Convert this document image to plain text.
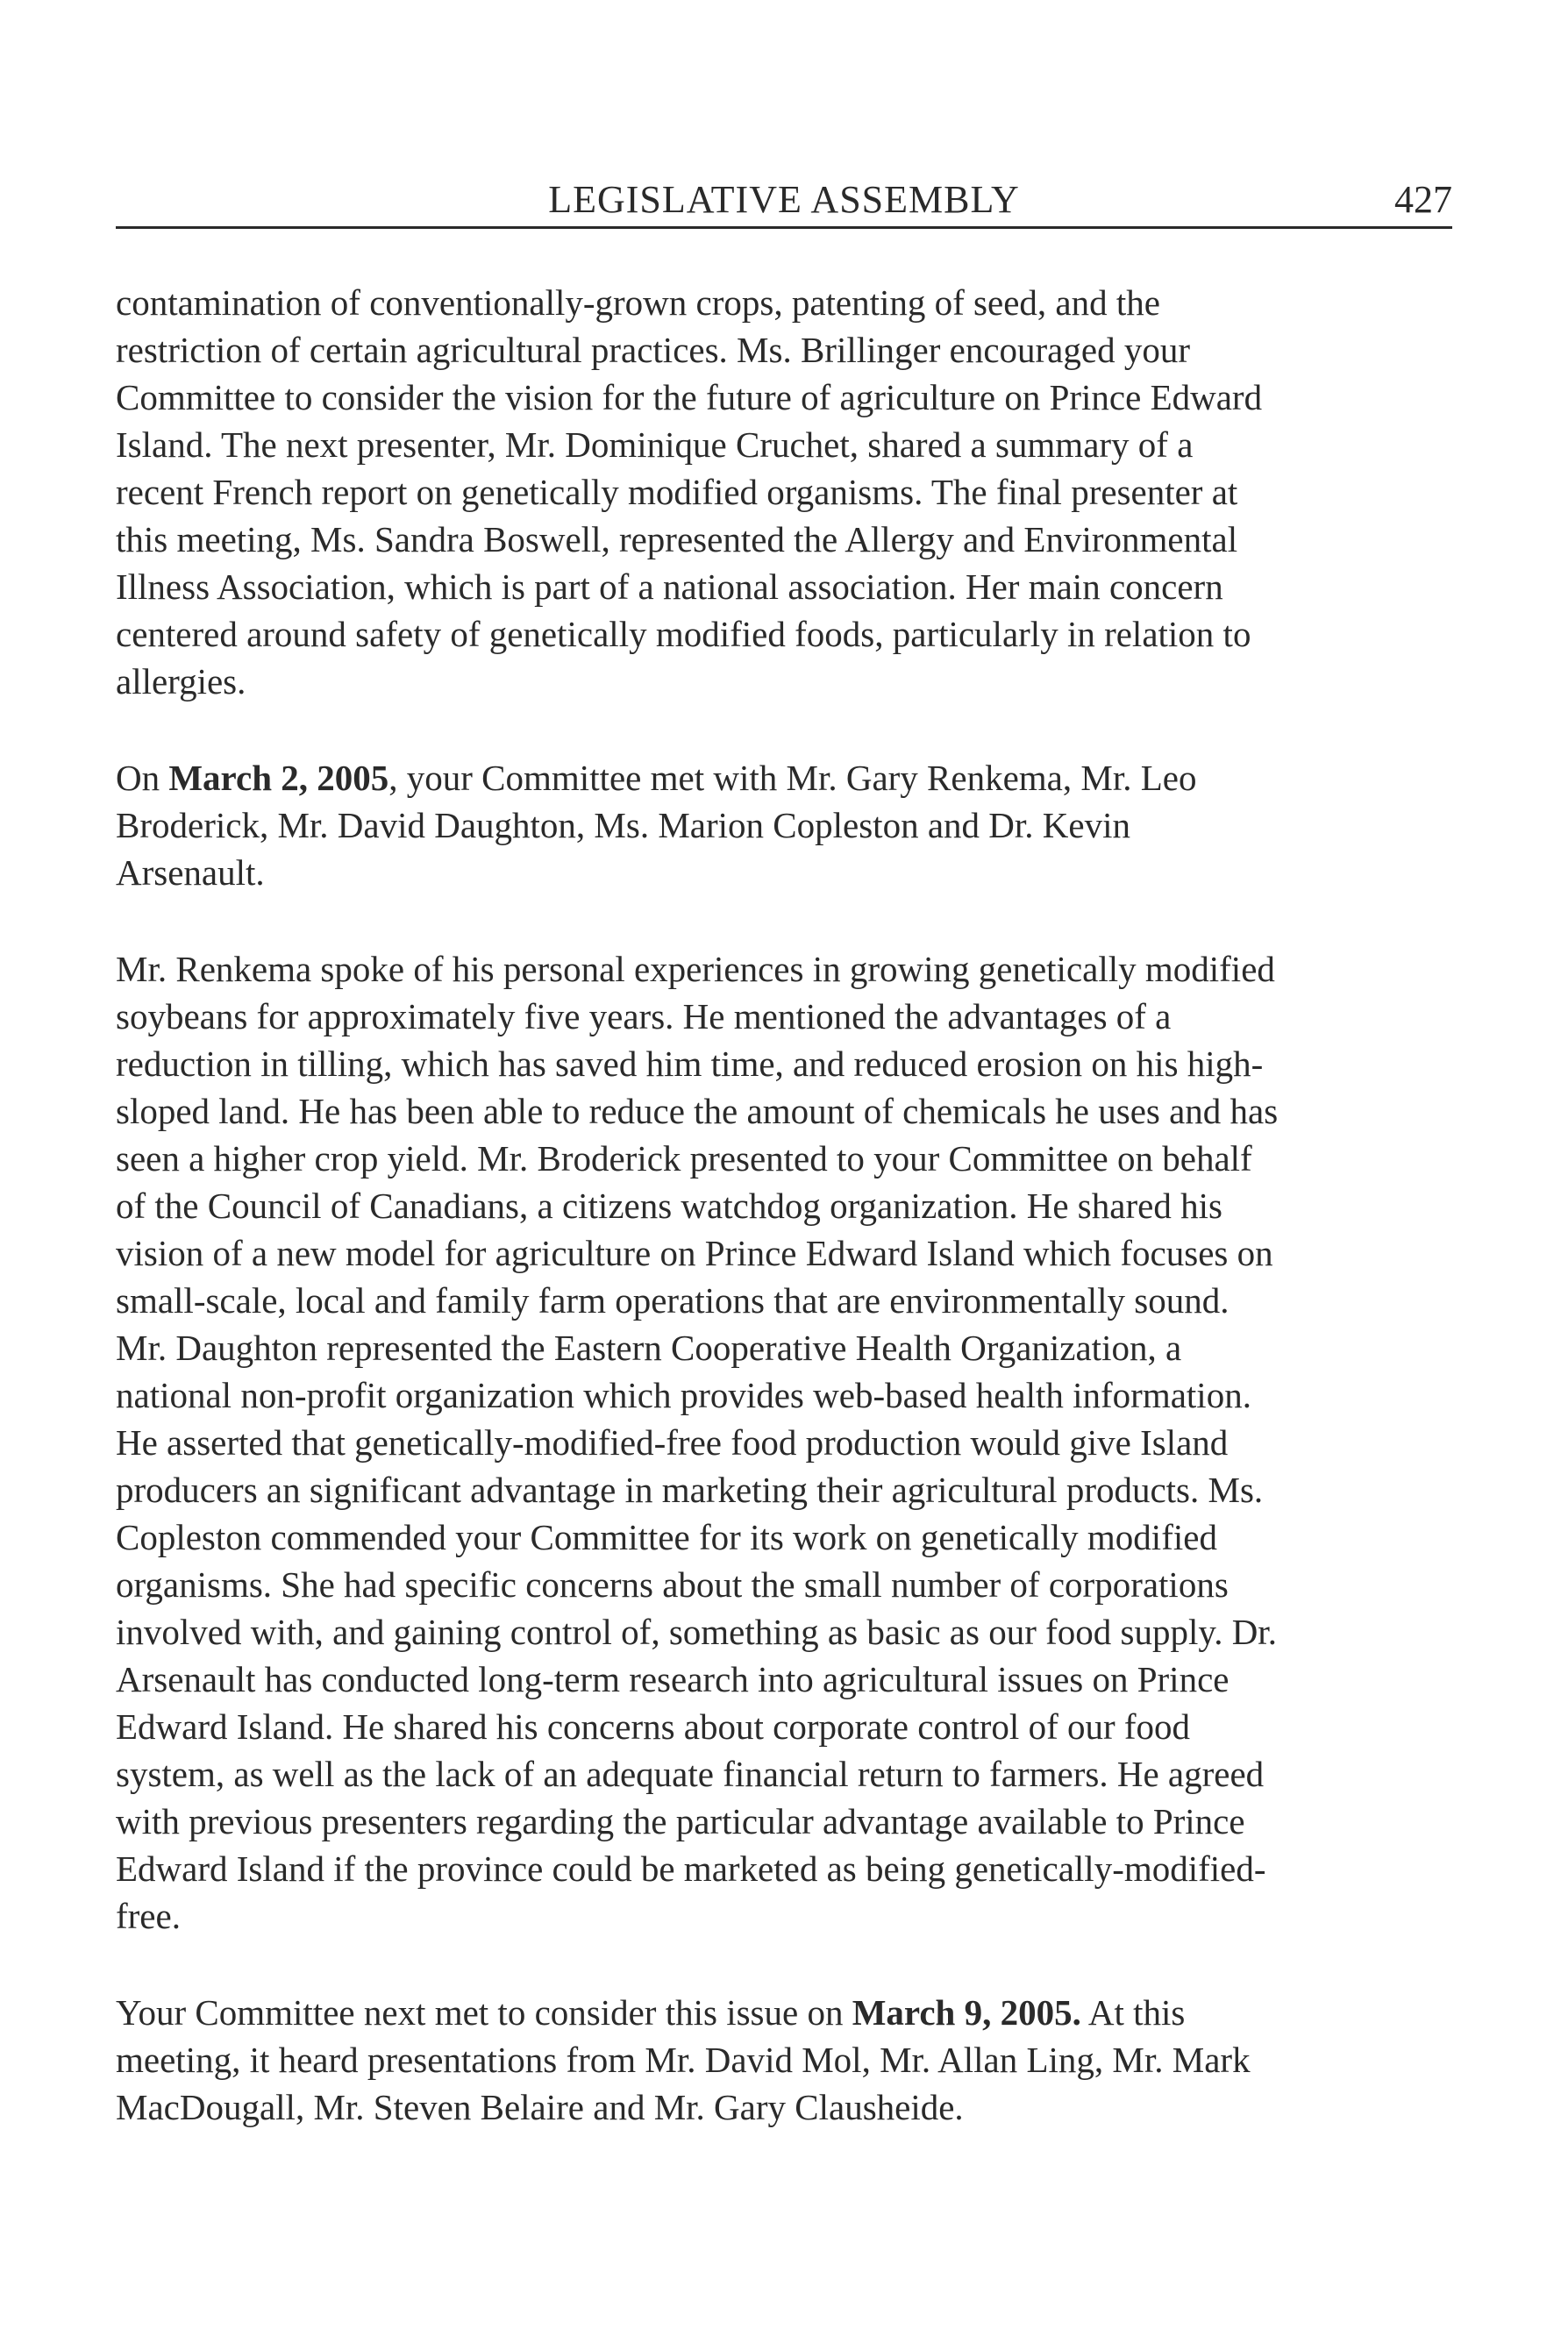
LEGISLATIVE ASSEMBLY	427

contamination of conventionally-grown crops, patenting of seed, and the
restriction of certain agricultural practices. Ms. Brillinger encouraged your
Committee to consider the vision for the future of agriculture on Prince Edward
Island. The next presenter, Mr. Dominique Cruchet, shared a summary of a
recent French report on genetically modified organisms. The final presenter at
this meeting, Ms. Sandra Boswell, represented the Allergy and Environmental
Illness Association, which is part of a national association. Her main concern
centered around safety of genetically modified foods, particularly in relation to
allergies.

On March 2, 2005, your Committee met with Mr. Gary Renkema, Mr. Leo
Broderick, Mr. David Daughton, Ms. Marion Copleston and Dr. Kevin
Arsenault.

Mr. Renkema spoke of his personal experiences in growing genetically modified
soybeans for approximately five years. He mentioned the advantages of a
reduction in tilling, which has saved him time, and reduced erosion on his high-
sloped land. He has been able to reduce the amount of chemicals he uses and has
seen a higher crop yield. Mr. Broderick presented to your Committee on behalf
of the Council of Canadians, a citizens watchdog organization. He shared his
vision of a new model for agriculture on Prince Edward Island which focuses on
small-scale, local and family farm operations that are environmentally sound.
Mr. Daughton represented the Eastern Cooperative Health Organization, a
national non-profit organization which provides web-based health information.
He asserted that genetically-modified-free food production would give Island
producers an significant advantage in marketing their agricultural products. Ms.
Copleston commended your Committee for its work on genetically modified
organisms. She had specific concerns about the small number of corporations
involved with, and gaining control of, something as basic as our food supply. Dr.
Arsenault has conducted long-term research into agricultural issues on Prince
Edward Island. He shared his concerns about corporate control of our food
system, as well as the lack of an adequate financial return to farmers. He agreed
with previous presenters regarding the particular advantage available to Prince
Edward Island if the province could be marketed as being genetically-modified-
free.

Your Committee next met to consider this issue on March 9, 2005. At this
meeting, it heard presentations from Mr. David Mol, Mr. Allan Ling, Mr. Mark
MacDougall, Mr. Steven Belaire and Mr. Gary Clausheide.
